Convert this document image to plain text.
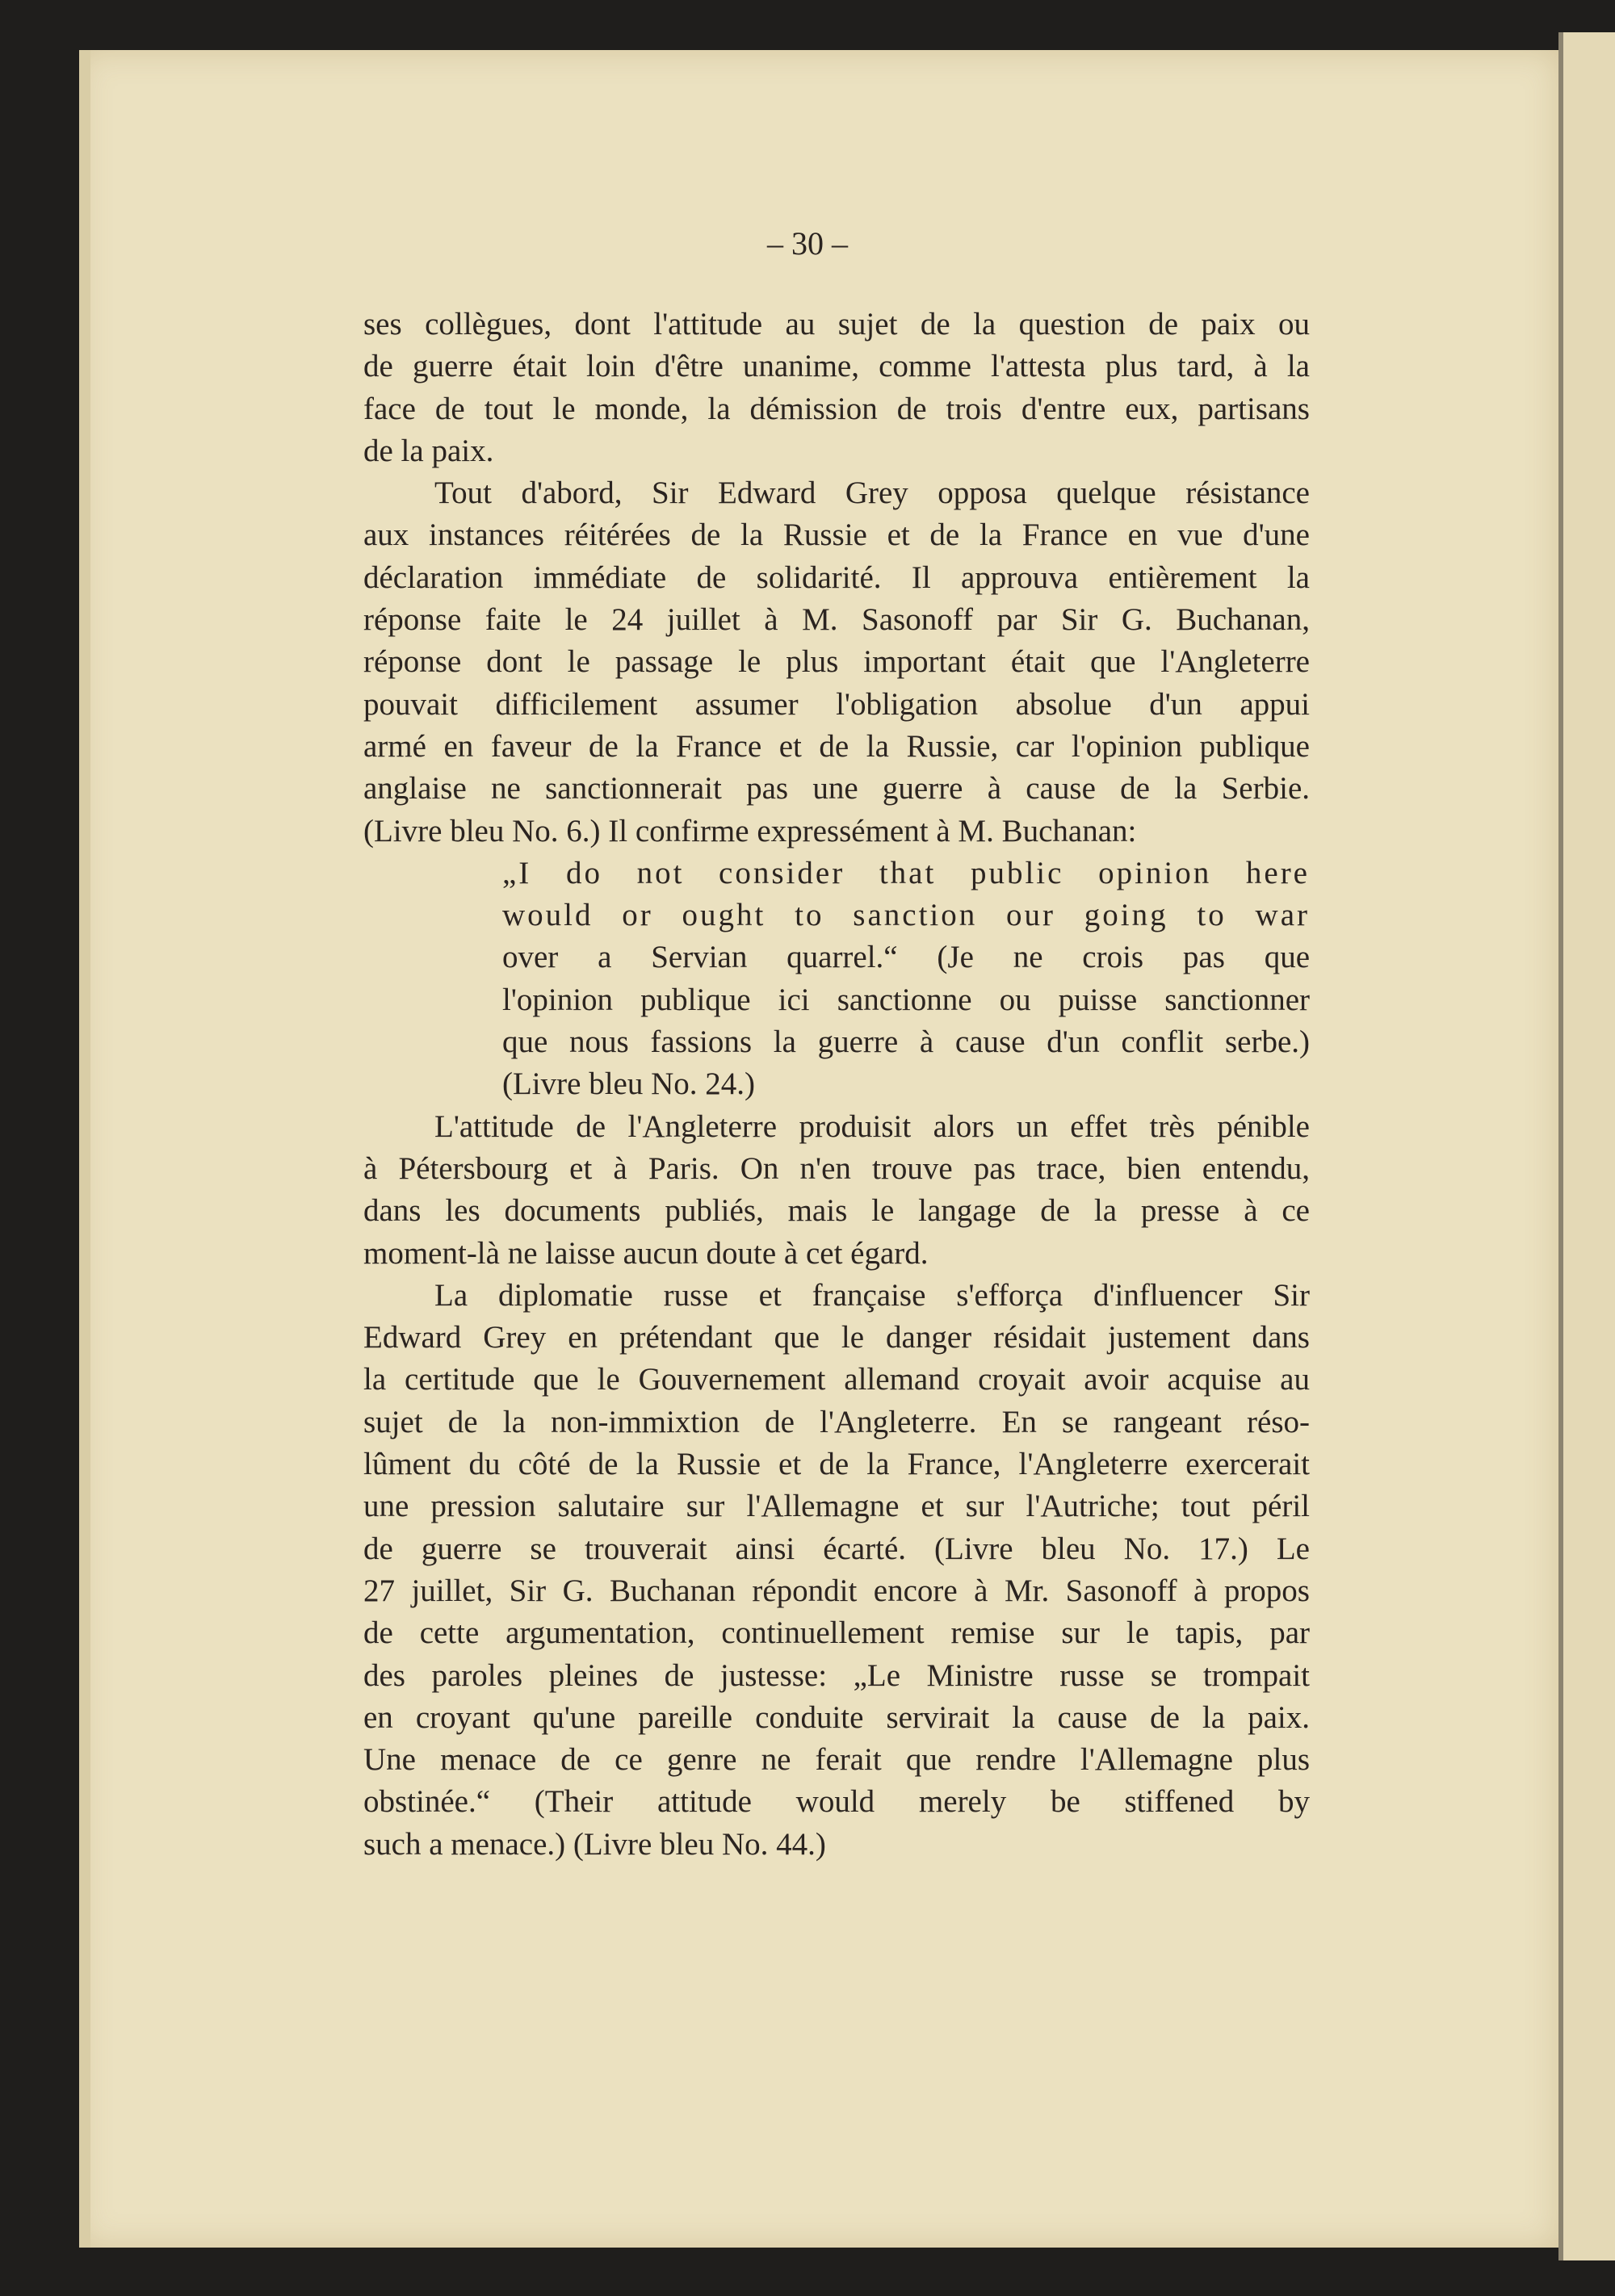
– 30 –
ses collègues, dont l'attitude au sujet de la question de paix ou
de guerre était loin d'être unanime, comme l'attesta plus tard, à la
face de tout le monde, la démission de trois d'entre eux, partisans
de la paix.
Tout d'abord, Sir Edward Grey opposa quelque résistance
aux instances réitérées de la Russie et de la France en vue d'une
déclaration immédiate de solidarité. Il approuva entièrement la
réponse faite le 24 juillet à M. Sasonoff par Sir G. Buchanan,
réponse dont le passage le plus important était que l'Angleterre
pouvait difficilement assumer l'obligation absolue d'un appui
armé en faveur de la France et de la Russie, car l'opinion publique
anglaise ne sanctionnerait pas une guerre à cause de la Serbie.
(Livre bleu No. 6.) Il confirme expressément à M. Buchanan:
„I do not consider that public opinion here
would or ought to sanction our going to war
over a Servian quarrel.“ (Je ne crois pas que
l'opinion publique ici sanctionne ou puisse sanctionner
que nous fassions la guerre à cause d'un conflit serbe.)
(Livre bleu No. 24.)
L'attitude de l'Angleterre produisit alors un effet très pénible
à Pétersbourg et à Paris. On n'en trouve pas trace, bien entendu,
dans les documents publiés, mais le langage de la presse à ce
moment-là ne laisse aucun doute à cet égard.
La diplomatie russe et française s'efforça d'influencer Sir
Edward Grey en prétendant que le danger résidait justement dans
la certitude que le Gouvernement allemand croyait avoir acquise au
sujet de la non-immixtion de l'Angleterre. En se rangeant réso-
lûment du côté de la Russie et de la France, l'Angleterre exercerait
une pression salutaire sur l'Allemagne et sur l'Autriche; tout péril
de guerre se trouverait ainsi écarté. (Livre bleu No. 17.) Le
27 juillet, Sir G. Buchanan répondit encore à Mr. Sasonoff à propos
de cette argumentation, continuellement remise sur le tapis, par
des paroles pleines de justesse: „Le Ministre russe se trompait
en croyant qu'une pareille conduite servirait la cause de la paix.
Une menace de ce genre ne ferait que rendre l'Allemagne plus
obstinée.“ (Their attitude would merely be stiffened by
such a menace.) (Livre bleu No. 44.)
